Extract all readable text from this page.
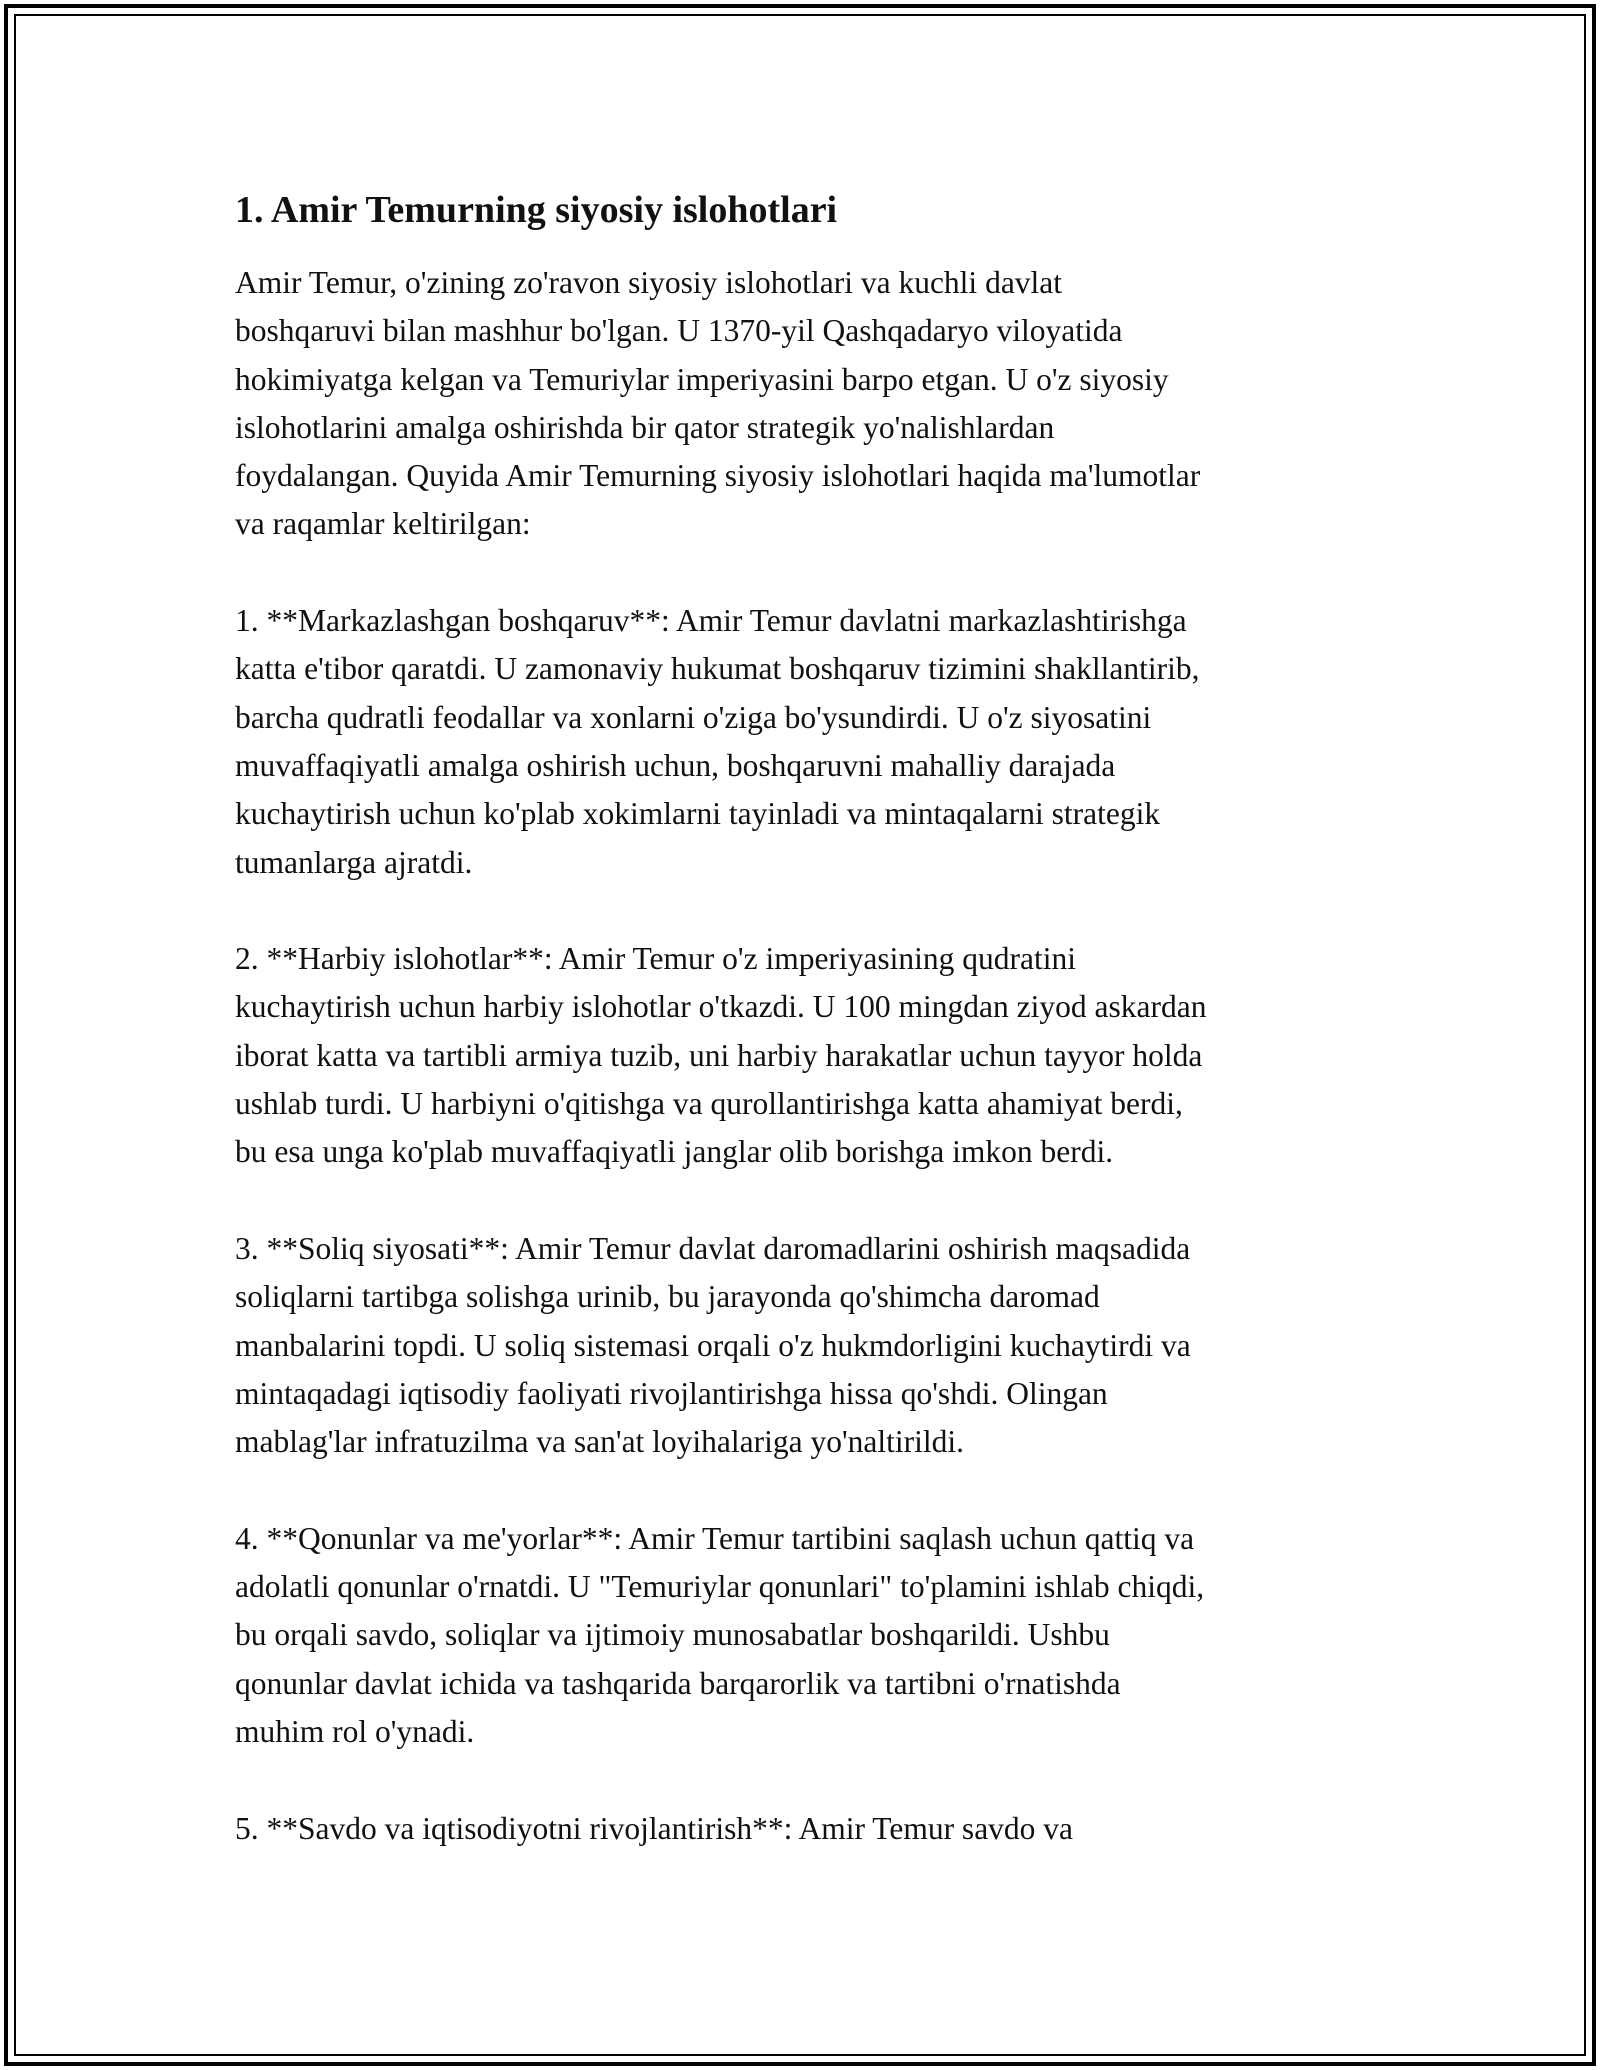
1. Amir Temurning siyosiy islohotlari

Amir Temur, o'zining zo'ravon siyosiy islohotlari va kuchli davlat
boshqaruvi bilan mashhur bo'lgan. U 1370-yil Qashqadaryo viloyatida
hokimiyatga kelgan va Temuriylar imperiyasini barpo etgan. U o'z siyosiy
islohotlarini amalga oshirishda bir qator strategik yo'nalishlardan
foydalangan. Quyida Amir Temurning siyosiy islohotlari haqida ma'lumotlar
va raqamlar keltirilgan:

1. **Markazlashgan boshqaruv**: Amir Temur davlatni markazlashtirishga
katta e'tibor qaratdi. U zamonaviy hukumat boshqaruv tizimini shakllantirib,
barcha qudratli feodallar va xonlarni o'ziga bo'ysundirdi. U o'z siyosatini
muvaffaqiyatli amalga oshirish uchun, boshqaruvni mahalliy darajada
kuchaytirish uchun ko'plab xokimlarni tayinladi va mintaqalarni strategik
tumanlarga ajratdi.

2. **Harbiy islohotlar**: Amir Temur o'z imperiyasining qudratini
kuchaytirish uchun harbiy islohotlar o'tkazdi. U 100 mingdan ziyod askardan
iborat katta va tartibli armiya tuzib, uni harbiy harakatlar uchun tayyor holda
ushlab turdi. U harbiyni o'qitishga va qurollantirishga katta ahamiyat berdi,
bu esa unga ko'plab muvaffaqiyatli janglar olib borishga imkon berdi.

3. **Soliq siyosati**: Amir Temur davlat daromadlarini oshirish maqsadida
soliqlarni tartibga solishga urinib, bu jarayonda qo'shimcha daromad
manbalarini topdi. U soliq sistemasi orqali o'z hukmdorligini kuchaytirdi va
mintaqadagi iqtisodiy faoliyati rivojlantirishga hissa qo'shdi. Olingan
mablag'lar infratuzilma va san'at loyihalariga yo'naltirildi.

4. **Qonunlar va me'yorlar**: Amir Temur tartibini saqlash uchun qattiq va
adolatli qonunlar o'rnatdi. U "Temuriylar qonunlari" to'plamini ishlab chiqdi,
bu orqali savdo, soliqlar va ijtimoiy munosabatlar boshqarildi. Ushbu
qonunlar davlat ichida va tashqarida barqarorlik va tartibni o'rnatishda
muhim rol o'ynadi.

5. **Savdo va iqtisodiyotni rivojlantirish**: Amir Temur savdo va
